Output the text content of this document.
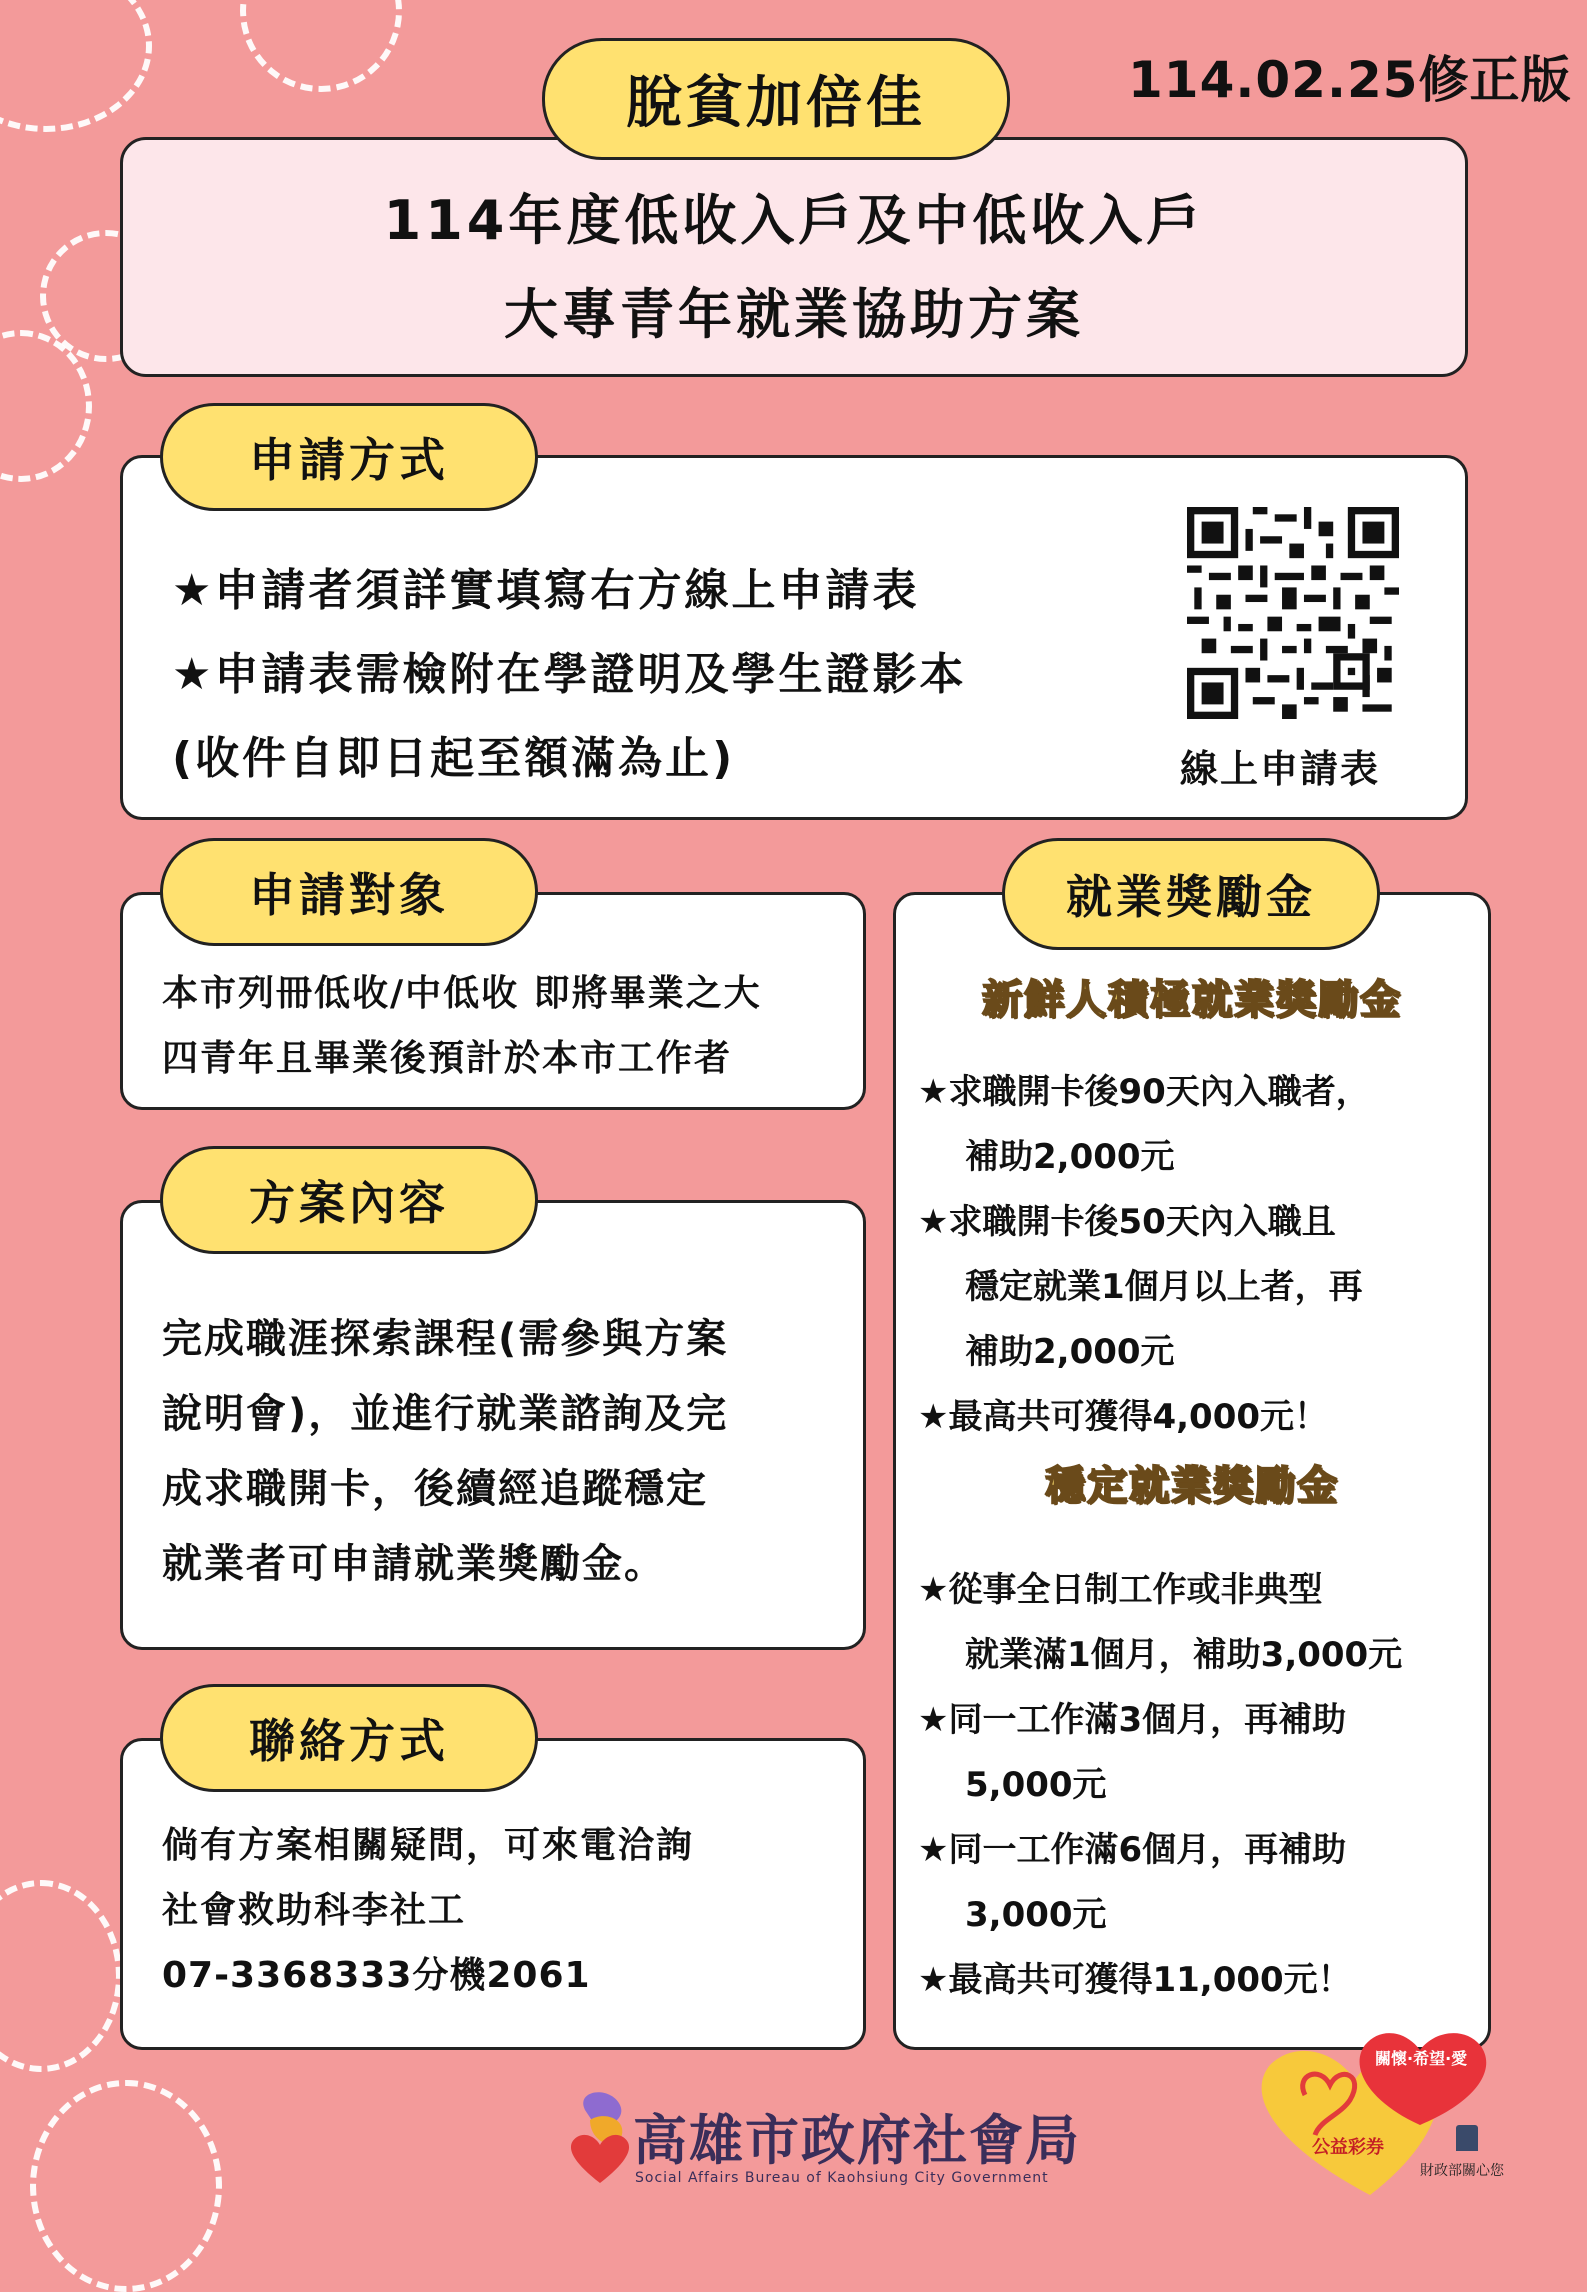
114.02.25修正版
脫貧加倍佳
114年度低收入戶及中低收入戶
大專青年就業協助方案
申請方式
★申請者須詳實填寫右方線上申請表
★申請表需檢附在學證明及學生證影本
(收件自即日起至額滿為止)	線上申請表
申請對象
本市列冊低收/中低收 即將畢業之大
四青年且畢業後預計於本市工作者
方案內容
完成職涯探索課程(需參與方案
說明會)，並進行就業諮詢及完
成求職開卡，後續經追蹤穩定
就業者可申請就業獎勵金。
聯絡方式
倘有方案相關疑問，可來電洽詢
社會救助科李社工
07-3368333分機2061
就業獎勵金
新鮮人積極就業獎勵金
★求職開卡後90天內入職者，
補助2,000元
★求職開卡後50天內入職且
穩定就業1個月以上者，再
補助2,000元
★最高共可獲得4,000元！
穩定就業獎勵金
★從事全日制工作或非典型
就業滿1個月，補助3,000元
★同一工作滿3個月，再補助
5,000元
★同一工作滿6個月，再補助
3,000元
★最高共可獲得11,000元！
高雄市政府社會局
Social Affairs Bureau of Kaohsiung City Government
關懷·希望·愛
公益彩券
財政部關心您
